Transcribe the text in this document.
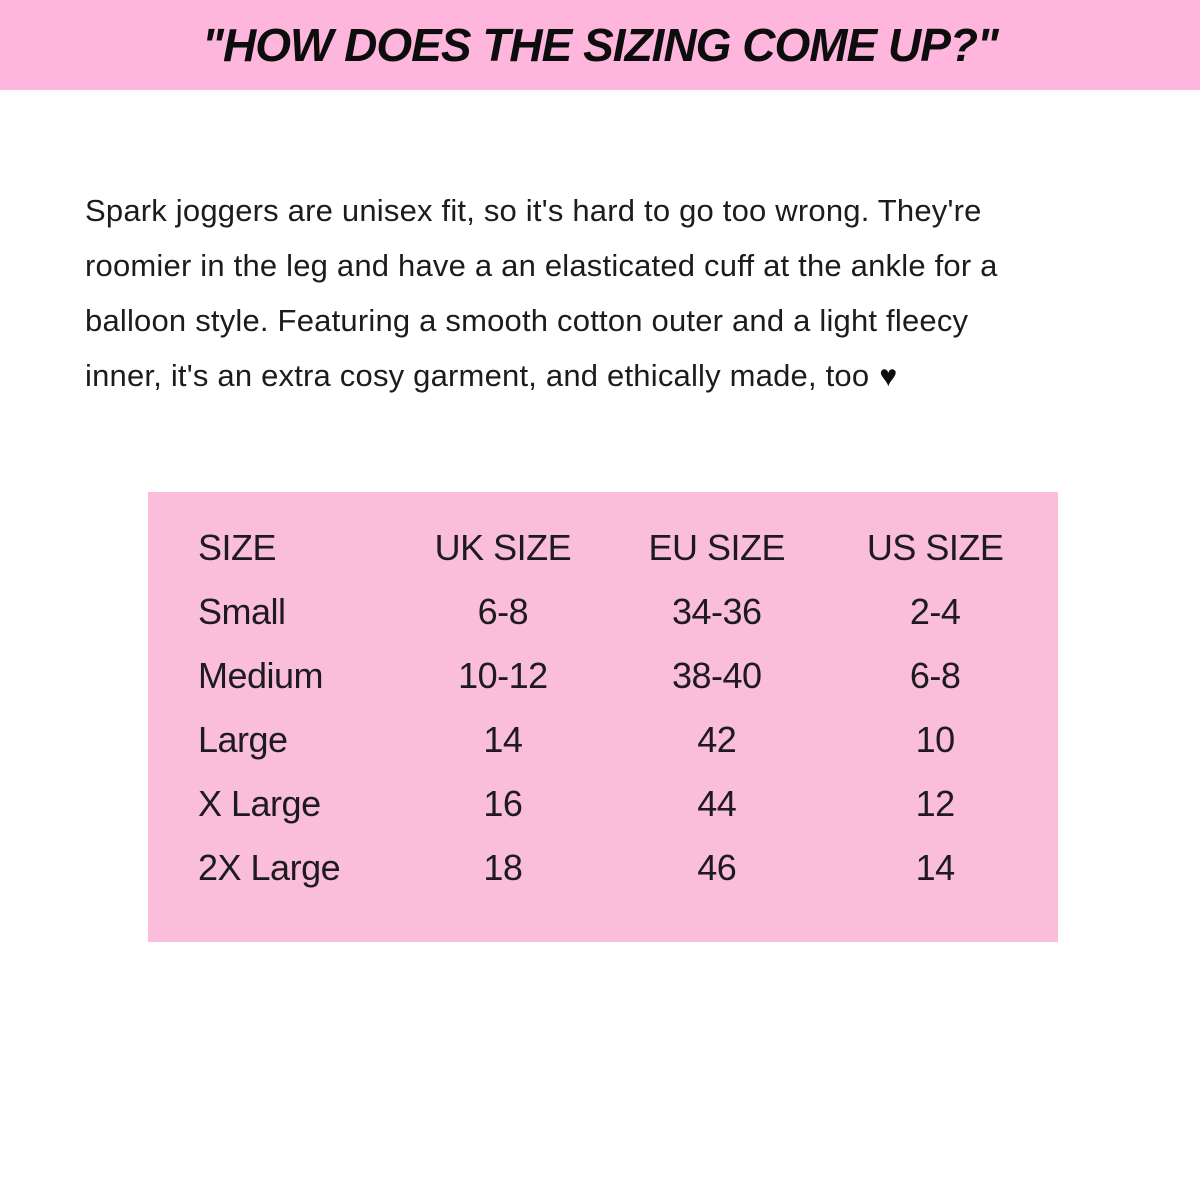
"HOW DOES THE SIZING COME UP?"
Spark joggers are unisex fit, so it's hard to go too wrong. They're
roomier in the leg and have a an elasticated cuff at the ankle for a
balloon style. Featuring a smooth cotton outer and a light fleecy
inner, it's an extra cosy garment, and ethically made, too ♥
SIZE	UK SIZE	EU SIZE	US SIZE
Small	6-8	34-36	2-4
Medium	10-12	38-40	6-8
Large	14	42	10
X Large	16	44	12
2X Large	18	46	14
